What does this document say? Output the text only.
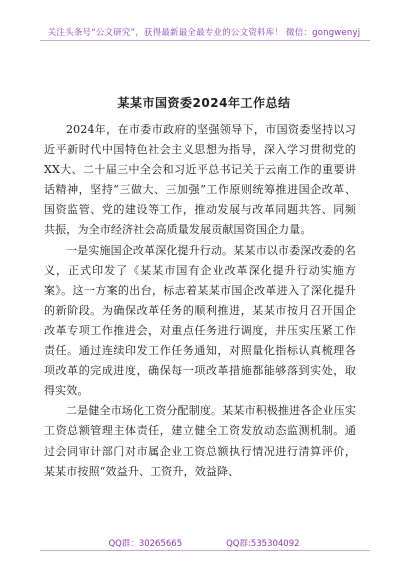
关注头条号“公文研究”，获得最新最全最专业的公文资料库！ 微信：gongwenyj
某某市国资委2024年工作总结

2024年，在市委市政府的坚强领导下，市国资委坚持以习近平新时代中国特色社会主义思想为指导，深入学习贯彻党的XX大、二十届三中全会和习近平总书记关于云南工作的重要讲话精神，坚持“三做大、三加强”工作原则统筹推进国企改革、国资监管、党的建设等工作，推动发展与改革同题共答、同频共振，为全市经济社会高质量发展贡献国资国企力量。

一是实施国企改革深化提升行动。某某市以市委深改委的名义，正式印发了《某某市国有企业改革深化提升行动实施方案》。这一方案的出台，标志着某某市国企改革进入了深化提升的新阶段。为确保改革任务的顺利推进，某某市按月召开国企改革专项工作推进会，对重点任务进行调度，并压实压紧工作责任。通过连续印发工作任务通知，对照量化指标认真梳理各项改革的完成进度，确保每一项改革措施都能够落到实处，取得实效。

二是健全市场化工资分配制度。某某市积极推进各企业压实工资总额管理主体责任，建立健全工资发放动态监测机制。通过会同审计部门对市属企业工资总额执行情况进行清算评价，某某市按照“效益升、工资升，效益降、

QQ群：30265665	QQ群:535304092
